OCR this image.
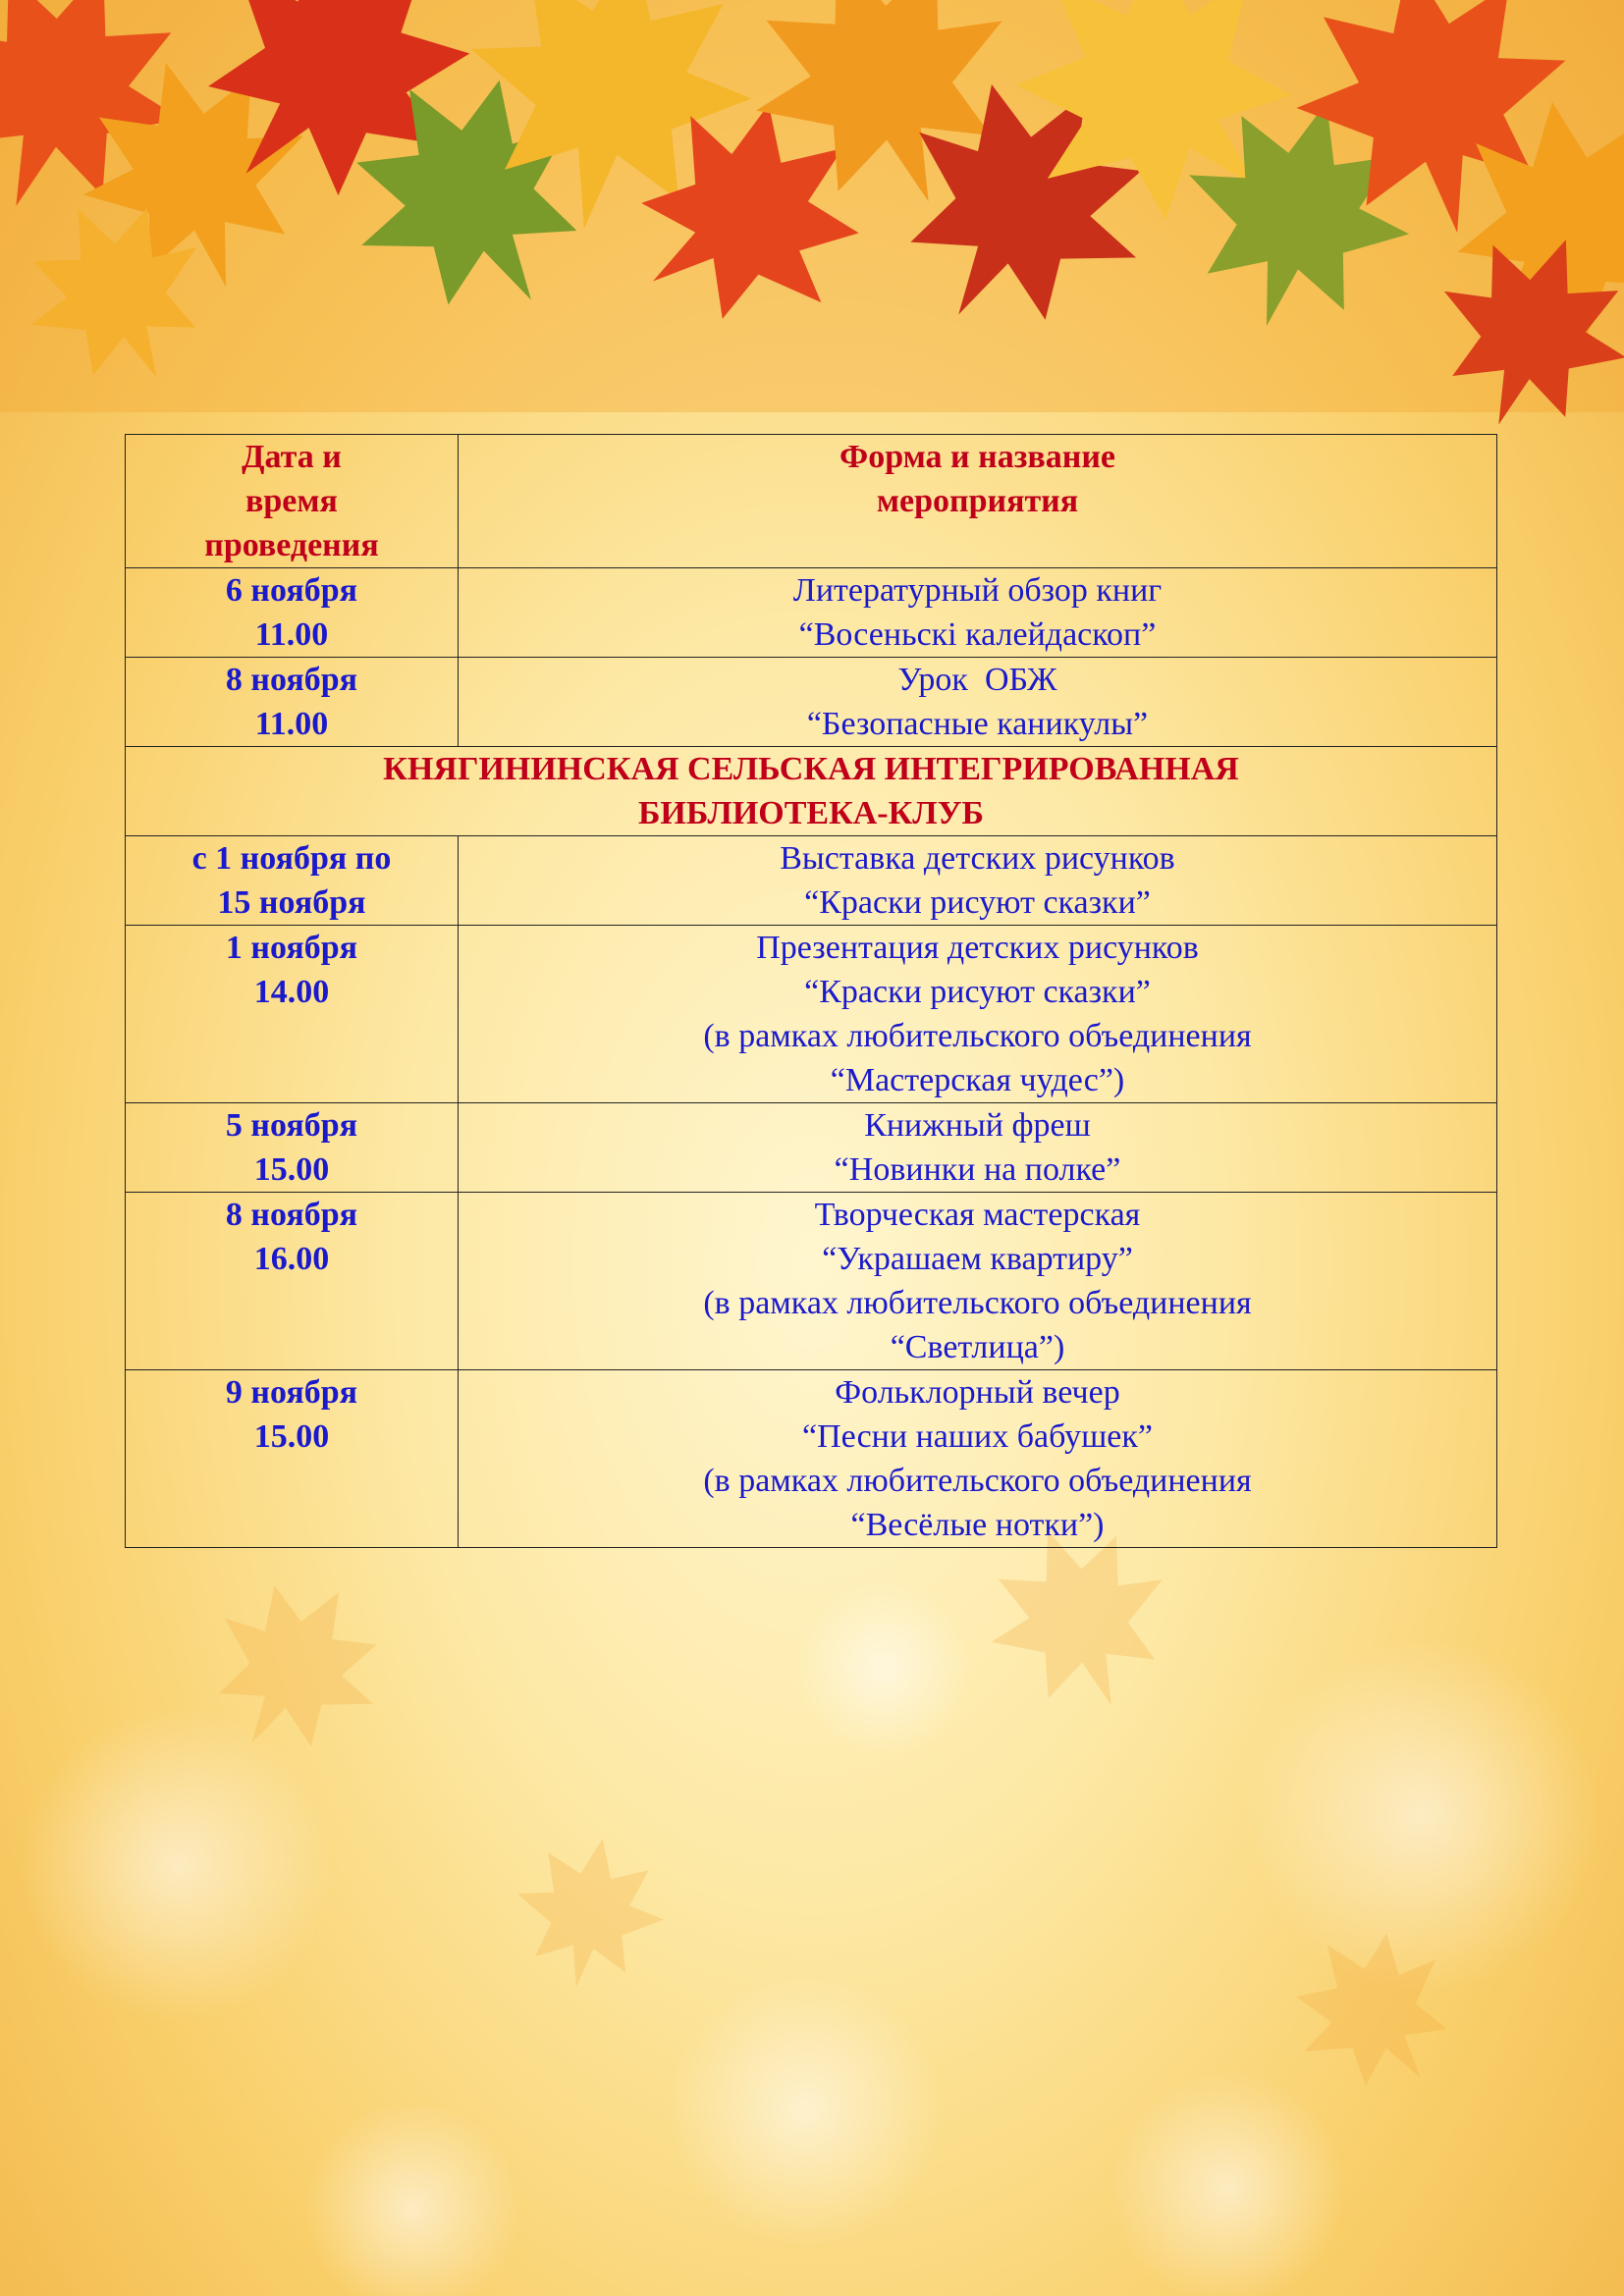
Дата и
время
проведения	Форма и название
мероприятия

6 ноября
11.00	Литературный обзор книг
“Восеньскі калейдаскоп”

8 ноября
11.00	Урок  ОБЖ
“Безопасные каникулы”

КНЯГИНИНСКАЯ СЕЛЬСКАЯ ИНТЕГРИРОВАННАЯ
БИБЛИОТЕКА-КЛУБ	

с 1 ноября по
15 ноября	Выставка детских рисунков
“Краски рисуют сказки”

1 ноября
14.00	Презентация детских рисунков
“Краски рисуют сказки”
(в рамках любительского объединения
“Мастерская чудес”)

5 ноября
15.00	Книжный фреш
“Новинки на полке”

8 ноября
16.00	Творческая мастерская
“Украшаем квартиру”
(в рамках любительского объединения
“Светлица”)

9 ноября
15.00	Фольклорный вечер
“Песни наших бабушек”
(в рамках любительского объединения
“Весёлые нотки”)
